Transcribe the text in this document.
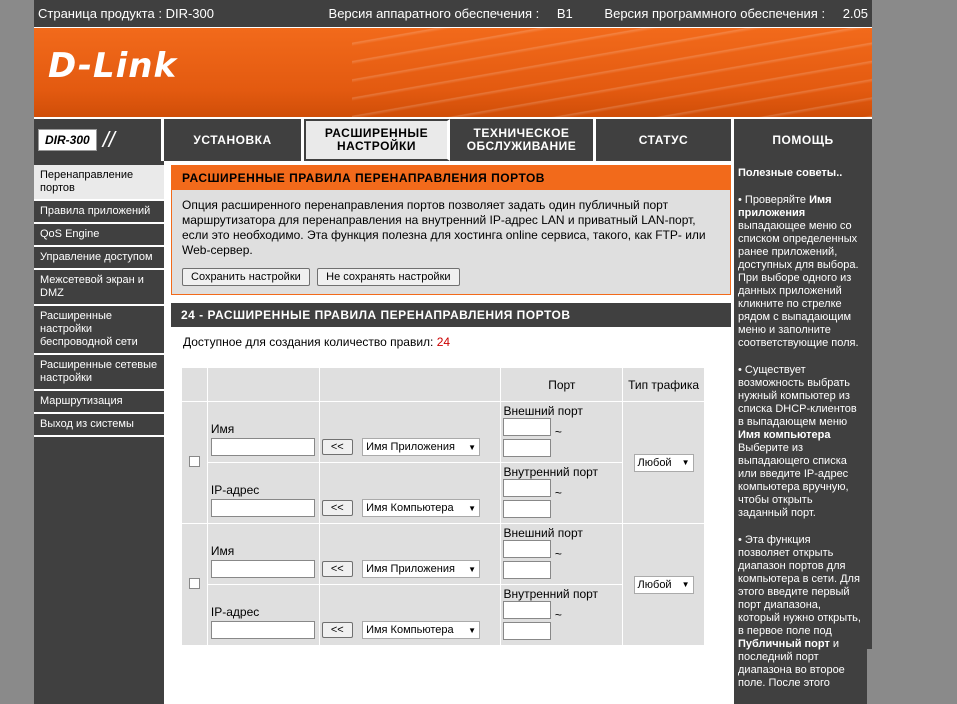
Страница продукта : DIR-300	Версия аппаратного обеспечения : B1 Версия программного обеспечения : 2.05
D-Link
DIR-300 //	УСТАНОВКА	РАСШИРЕННЫЕ НАСТРОЙКИ
ТЕХНИЧЕСКОЕ ОБСЛУЖИВАНИЕ	СТАТУС	ПОМОЩЬ
Перенаправление портов
Правила приложений
QoS Engine
Управление доступом
Межсетевой экран и DMZ
Расширенные настройки беспроводной сети
Расширенные сетевые настройки
Маршрутизация
Выход из системы
РАСШИРЕННЫЕ ПРАВИЛА ПЕРЕНАПРАВЛЕНИЯ ПОРТОВ
Опция расширенного перенаправления портов позволяет задать один публичный порт маршрутизатора для перенаправления на внутренний IP-адрес LAN и приватный LAN-порт, если это необходимо. Эта функция полезна для хостинга online сервиса, такого, как FTP- или Web-сервер.
Сохранить настройки Не сохранять настройки
24 - РАСШИРЕННЫЕ ПРАВИЛА ПЕРЕНАПРАВЛЕНИЯ ПОРТОВ
Доступное для создания количество правил: 24
			Порт	Тип трафика
	Имя	<< Имя Приложения ▼	Внешний порт
~	Любой ▼

	IP-адрес	<< Имя Компьютера ▼	Внутренний порт
~	

	Имя	<< Имя Приложения ▼	Внешний порт
~	Любой ▼

	IP-адрес	<< Имя Компьютера ▼	Внутренний порт
~	

Полезные советы..

• Проверяйте Имя приложения выпадающее меню со списком определенных ранее приложений, доступных для выбора. При выборе одного из данных приложений кликните по стрелке рядом с выпадающим меню и заполните соответствующие поля.

• Существует возможность выбрать нужный компьютер из списка DHCP-клиентов в выпадающем меню Имя компьютера Выберите из выпадающего списка или введите IP-адрес компьютера вручную, чтобы открыть заданный порт.

• Эта функция позволяет открыть диапазон портов для компьютера в сети. Для этого введите первый порт диапазона, который нужно открыть, в первое поле под Публичный порт и последний порт диапазона во второе поле. После этого
